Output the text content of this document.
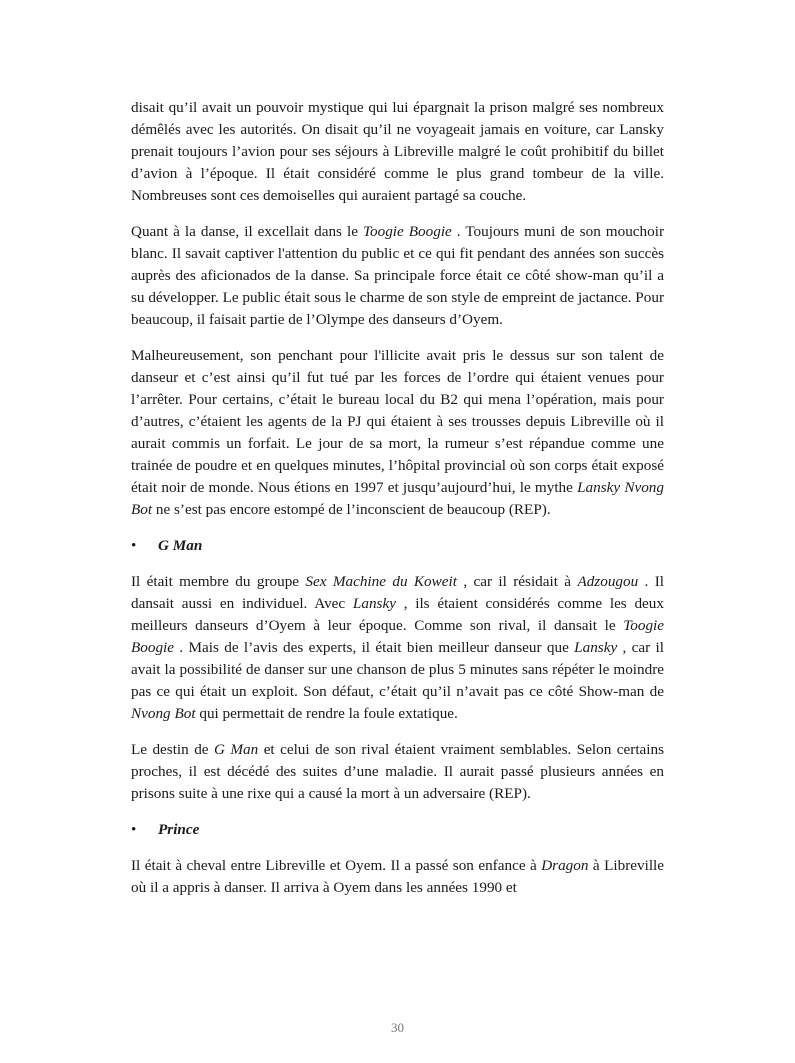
disait qu’il avait un pouvoir mystique qui lui épargnait la prison malgré ses nombreux démêlés avec les autorités. On disait qu’il ne voyageait jamais en voiture, car Lansky prenait toujours l’avion pour ses séjours à Libreville malgré le coût prohibitif du billet d’avion à l’époque. Il était considéré comme le plus grand tombeur de la ville. Nombreuses sont ces demoiselles qui auraient partagé sa couche.

Quant à la danse, il excellait dans le Toogie Boogie . Toujours muni de son mouchoir blanc. Il savait captiver l'attention du public et ce qui fit pendant des années son succès auprès des aficionados de la danse. Sa principale force était ce côté show-man qu’il a su développer. Le public était sous le charme de son style de empreint de jactance. Pour beaucoup, il faisait partie de l’Olympe des danseurs d’Oyem.

Malheureusement, son penchant pour l'illicite avait pris le dessus sur son talent de danseur et c’est ainsi qu’il fut tué par les forces de l’ordre qui étaient venues pour l’arrêter. Pour certains, c’était le bureau local du B2 qui mena l’opération, mais pour d’autres, c’étaient les agents de la PJ qui étaient à ses trousses depuis Libreville où il aurait commis un forfait. Le jour de sa mort, la rumeur s’est répandue comme une trainée de poudre et en quelques minutes, l’hôpital provincial où son corps était exposé était noir de monde. Nous étions en 1997 et jusqu’aujourd’hui, le mythe Lansky Nvong Bot ne s’est pas encore estompé de l’inconscient de beaucoup (REP).

• G Man

Il était membre du groupe Sex Machine du Koweit , car il résidait à Adzougou . Il dansait aussi en individuel. Avec Lansky , ils étaient considérés comme les deux meilleurs danseurs d’Oyem à leur époque. Comme son rival, il dansait le Toogie Boogie . Mais de l’avis des experts, il était bien meilleur danseur que Lansky , car il avait la possibilité de danser sur une chanson de plus 5 minutes sans répéter le moindre pas ce qui était un exploit. Son défaut, c’était qu’il n’avait pas ce côté Show-man de Nvong Bot qui permettait de rendre la foule extatique.

Le destin de G Man et celui de son rival étaient vraiment semblables. Selon certains proches, il est décédé des suites d’une maladie. Il aurait passé plusieurs années en prisons suite à une rixe qui a causé la mort à un adversaire (REP).

• Prince

Il était à cheval entre Libreville et Oyem. Il a passé son enfance à Dragon à Libreville où il a appris à danser. Il arriva à Oyem dans les années 1990 et

30
